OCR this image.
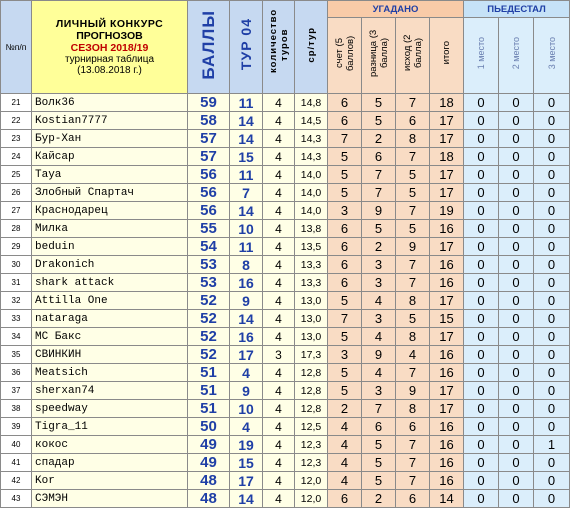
№п/п	ЛИЧНЫЙ КОНКУРС
ПРОГНОЗОВ
СЕЗОН 2018/19
турнирная таблица
(13.08.2018 г.)	БАЛЛЫ	ТУР 04	количество туров	ср/тур	УГАДАНО				ПЬЕДЕСТАЛ		
						счет (5 баллов)	разница (3 балла)	исход (2 балла)	итого	1 место	2 место	3 место
21	Волк36	59	11	4	14,8	6	5	7	18	0	0	0
22	Kostian7777	58	14	4	14,5	6	5	6	17	0	0	0
23	Бур-Хан	57	14	4	14,3	7	2	8	17	0	0	0
24	Кайсар	57	15	4	14,3	5	6	7	18	0	0	0
25	Taya	56	11	4	14,0	5	7	5	17	0	0	0
26	Злобный Спартач	56	7	4	14,0	5	7	5	17	0	0	0
27	Краснодарец	56	14	4	14,0	3	9	7	19	0	0	0
28	Милка	55	10	4	13,8	6	5	5	16	0	0	0
29	beduin	54	11	4	13,5	6	2	9	17	0	0	0
30	Drakonich	53	8	4	13,3	6	3	7	16	0	0	0
31	shark attack	53	16	4	13,3	6	3	7	16	0	0	0
32	Attilla One	52	9	4	13,0	5	4	8	17	0	0	0
33	nataraga	52	14	4	13,0	7	3	5	15	0	0	0
34	МС Бакс	52	16	4	13,0	5	4	8	17	0	0	0
35	СВИНКИН	52	17	3	17,3	3	9	4	16	0	0	0
36	Meatsich	51	4	4	12,8	5	4	7	16	0	0	0
37	sherxan74	51	9	4	12,8	5	3	9	17	0	0	0
38	speedway	51	10	4	12,8	2	7	8	17	0	0	0
39	Tigra_11	50	4	4	12,5	4	6	6	16	0	0	0
40	кокос	49	19	4	12,3	4	5	7	16	0	0	1
41	спадар	49	15	4	12,3	4	5	7	16	0	0	0
42	Kor	48	17	4	12,0	4	5	7	16	0	0	0
43	СЭМЭН	48	14	4	12,0	6	2	6	14	0	0	0
